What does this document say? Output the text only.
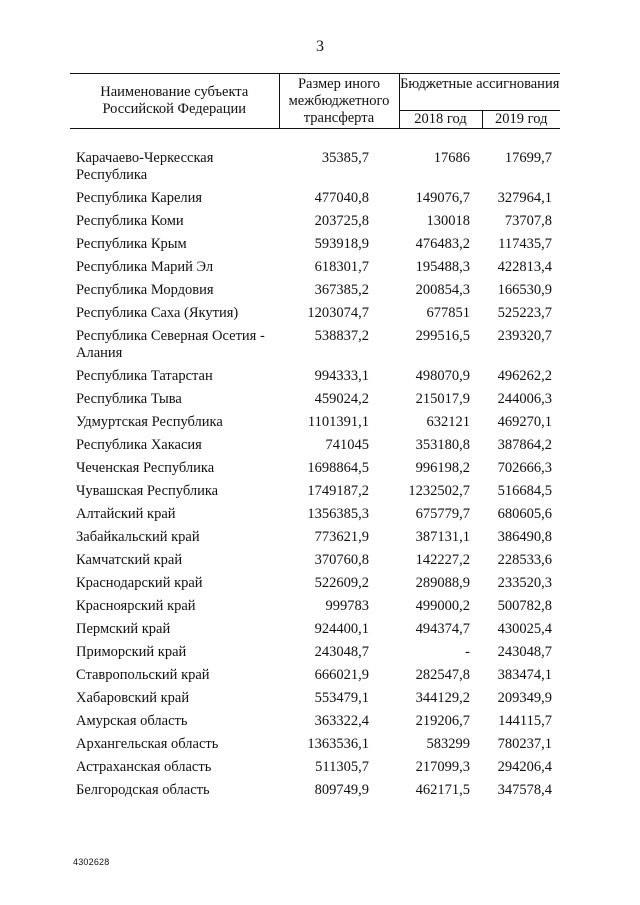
3
Наименование субъекта Российской Федерации	Размер иного межбюджетного трансферта	Бюджетные ассигнования	
		2018 год	2019 год
Карачаево-Черкесская Республика	35385,7	17686	17699,7
Республика Карелия	477040,8	149076,7	327964,1
Республика Коми	203725,8	130018	73707,8
Республика Крым	593918,9	476483,2	117435,7
Республика Марий Эл	618301,7	195488,3	422813,4
Республика Мордовия	367385,2	200854,3	166530,9
Республика Саха (Якутия)	1203074,7	677851	525223,7
Республика Северная Осетия - Алания	538837,2	299516,5	239320,7
Республика Татарстан	994333,1	498070,9	496262,2
Республика Тыва	459024,2	215017,9	244006,3
Удмуртская Республика	1101391,1	632121	469270,1
Республика Хакасия	741045	353180,8	387864,2
Чеченская Республика	1698864,5	996198,2	702666,3
Чувашская Республика	1749187,2	1232502,7	516684,5
Алтайский край	1356385,3	675779,7	680605,6
Забайкальский край	773621,9	387131,1	386490,8
Камчатский край	370760,8	142227,2	228533,6
Краснодарский край	522609,2	289088,9	233520,3
Красноярский край	999783	499000,2	500782,8
Пермский край	924400,1	494374,7	430025,4
Приморский край	243048,7	-	243048,7
Ставропольский край	666021,9	282547,8	383474,1
Хабаровский край	553479,1	344129,2	209349,9
Амурская область	363322,4	219206,7	144115,7
Архангельская область	1363536,1	583299	780237,1
Астраханская область	511305,7	217099,3	294206,4
Белгородская область	809749,9	462171,5	347578,4
4302628
